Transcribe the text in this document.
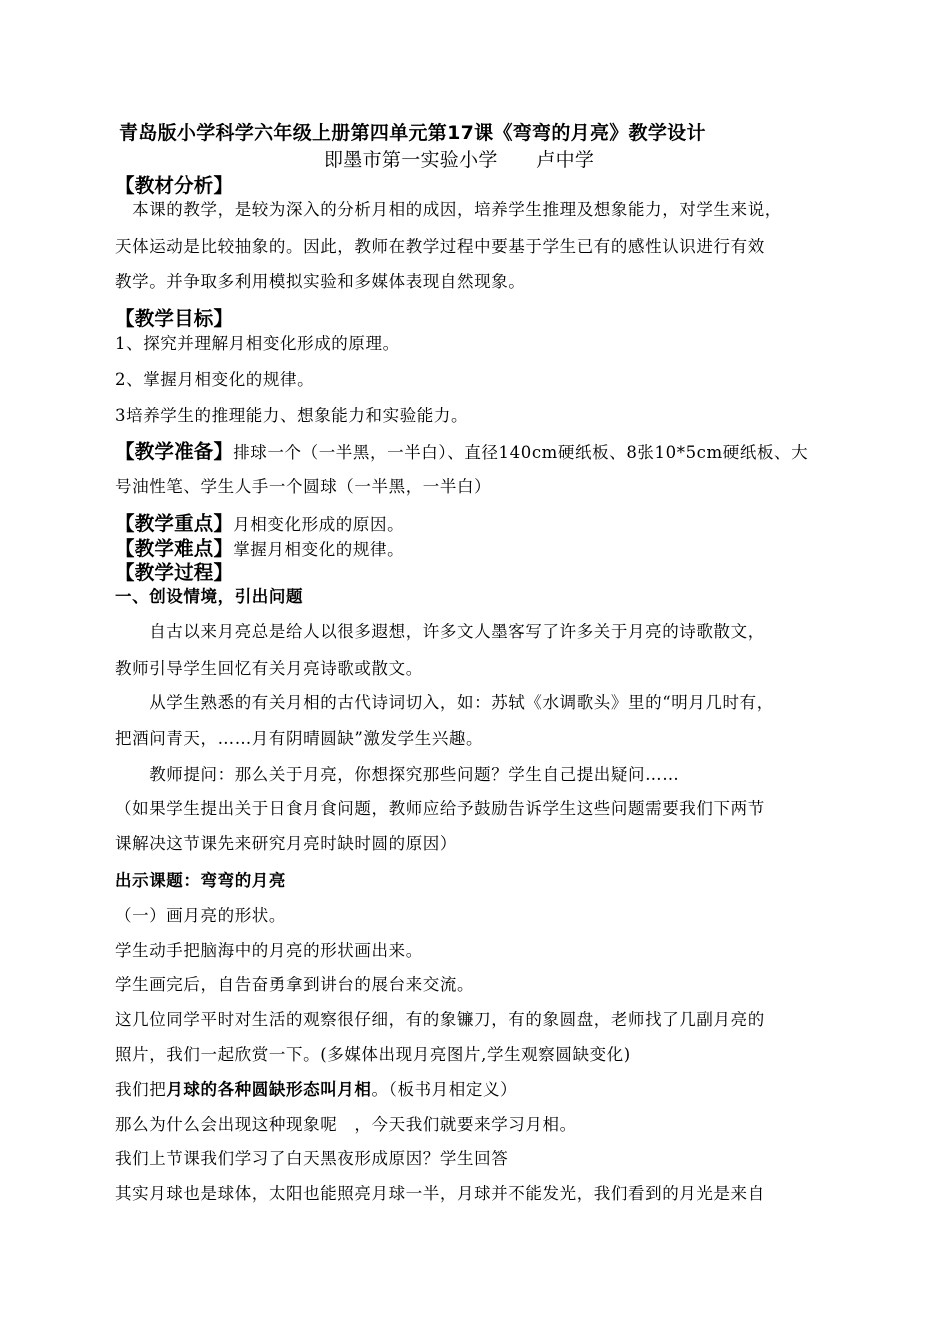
青岛版小学科学六年级上册第四单元第17课《弯弯的月亮》教学设计
即墨市第一实验小学　　卢中学
【教材分析】
　本课的教学，是较为深入的分析月相的成因，培养学生推理及想象能力，对学生来说，
天体运动是比较抽象的。因此，教师在教学过程中要基于学生已有的感性认识进行有效
教学。并争取多利用模拟实验和多媒体表现自然现象。
【教学目标】
1、探究并理解月相变化形成的原理。
2、掌握月相变化的规律。
3培养学生的推理能力、想象能力和实验能力。
【教学准备】排球一个（一半黑，一半白）、直径140cm硬纸板、8张10*5cm硬纸板、大
号油性笔、学生人手一个圆球（一半黑，一半白）
【教学重点】月相变化形成的原因。
【教学难点】掌握月相变化的规律。
【教学过程】
一、创设情境，引出问题
　　自古以来月亮总是给人以很多遐想，许多文人墨客写了许多关于月亮的诗歌散文，
教师引导学生回忆有关月亮诗歌或散文。
　　从学生熟悉的有关月相的古代诗词切入，如：苏轼《水调歌头》里的“明月几时有，
把酒问青天，……月有阴晴圆缺”激发学生兴趣。
　　教师提问：那么关于月亮，你想探究那些问题？学生自己提出疑问……
（如果学生提出关于日食月食问题，教师应给予鼓励告诉学生这些问题需要我们下两节
课解决这节课先来研究月亮时缺时圆的原因）
出示课题：弯弯的月亮
（一）画月亮的形状。
学生动手把脑海中的月亮的形状画出来。
学生画完后，自告奋勇拿到讲台的展台来交流。
这几位同学平时对生活的观察很仔细，有的象镰刀，有的象圆盘，老师找了几副月亮的
照片，我们一起欣赏一下。(多媒体出现月亮图片,学生观察圆缺变化)
我们把月球的各种圆缺形态叫月相。（板书月相定义）
那么为什么会出现这种现象呢　，今天我们就要来学习月相。
我们上节课我们学习了白天黑夜形成原因？学生回答
其实月球也是球体，太阳也能照亮月球一半，月球并不能发光，我们看到的月光是来自
